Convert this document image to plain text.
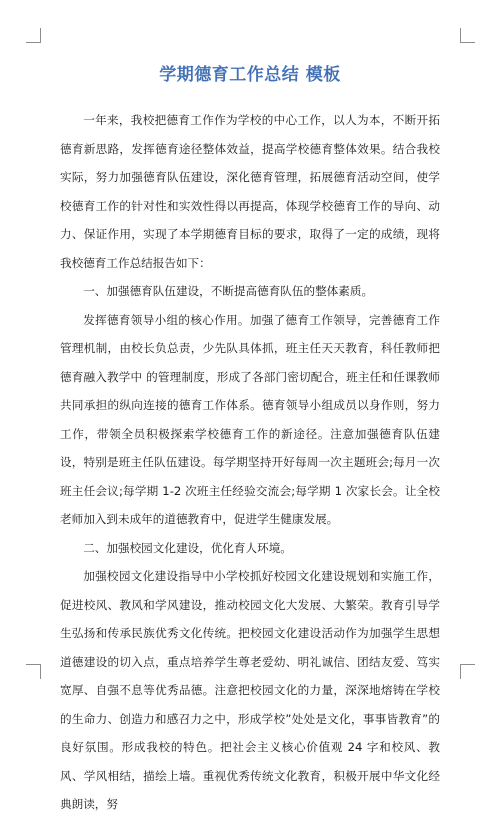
学期德育工作总结 模板

一年来，我校把德育工作作为学校的中心工作，以人为本，不断开拓德育新思路，发挥德育途径整体效益，提高学校德育整体效果。结合我校实际，努力加强德育队伍建设，深化德育管理，拓展德育活动空间，使学校德育工作的针对性和实效性得以再提高，体现学校德育工作的导向、动力、保证作用，实现了本学期德育目标的要求，取得了一定的成绩，现将我校德育工作总结报告如下：

一、加强德育队伍建设，不断提高德育队伍的整体素质。

发挥德育领导小组的核心作用。加强了德育工作领导，完善德育工作管理机制，由校长负总责，少先队具体抓，班主任天天教育，科任教师把德育融入教学中 的管理制度，形成了各部门密切配合，班主任和任课教师共同承担的纵向连接的德育工作体系。德育领导小组成员以身作则，努力工作，带领全员积极探索学校德育工作的新途径。注意加强德育队伍建设，特别是班主任队伍建设。每学期坚持开好每周一次主题班会;每月一次班主任会议;每学期 1-2 次班主任经验交流会;每学期 1 次家长会。让全校老师加入到未成年的道德教育中，促进学生健康发展。

二、加强校园文化建设，优化育人环境。

加强校园文化建设指导中小学校抓好校园文化建设规划和实施工作，促进校风、教风和学风建设，推动校园文化大发展、大繁荣。教育引导学生弘扬和传承民族优秀文化传统。把校园文化建设活动作为加强学生思想道德建设的切入点，重点培养学生尊老爱幼、明礼诚信、团结友爱、笃实宽厚、自强不息等优秀品德。注意把校园文化的力量，深深地熔铸在学校的生命力、创造力和感召力之中，形成学校”处处是文化，事事皆教育”的良好氛围。形成我校的特色。把社会主义核心价值观 24 字和校风、教风、学风相结，描绘上墙。重视优秀传统文化教育，积极开展中华文化经典朗读，努
